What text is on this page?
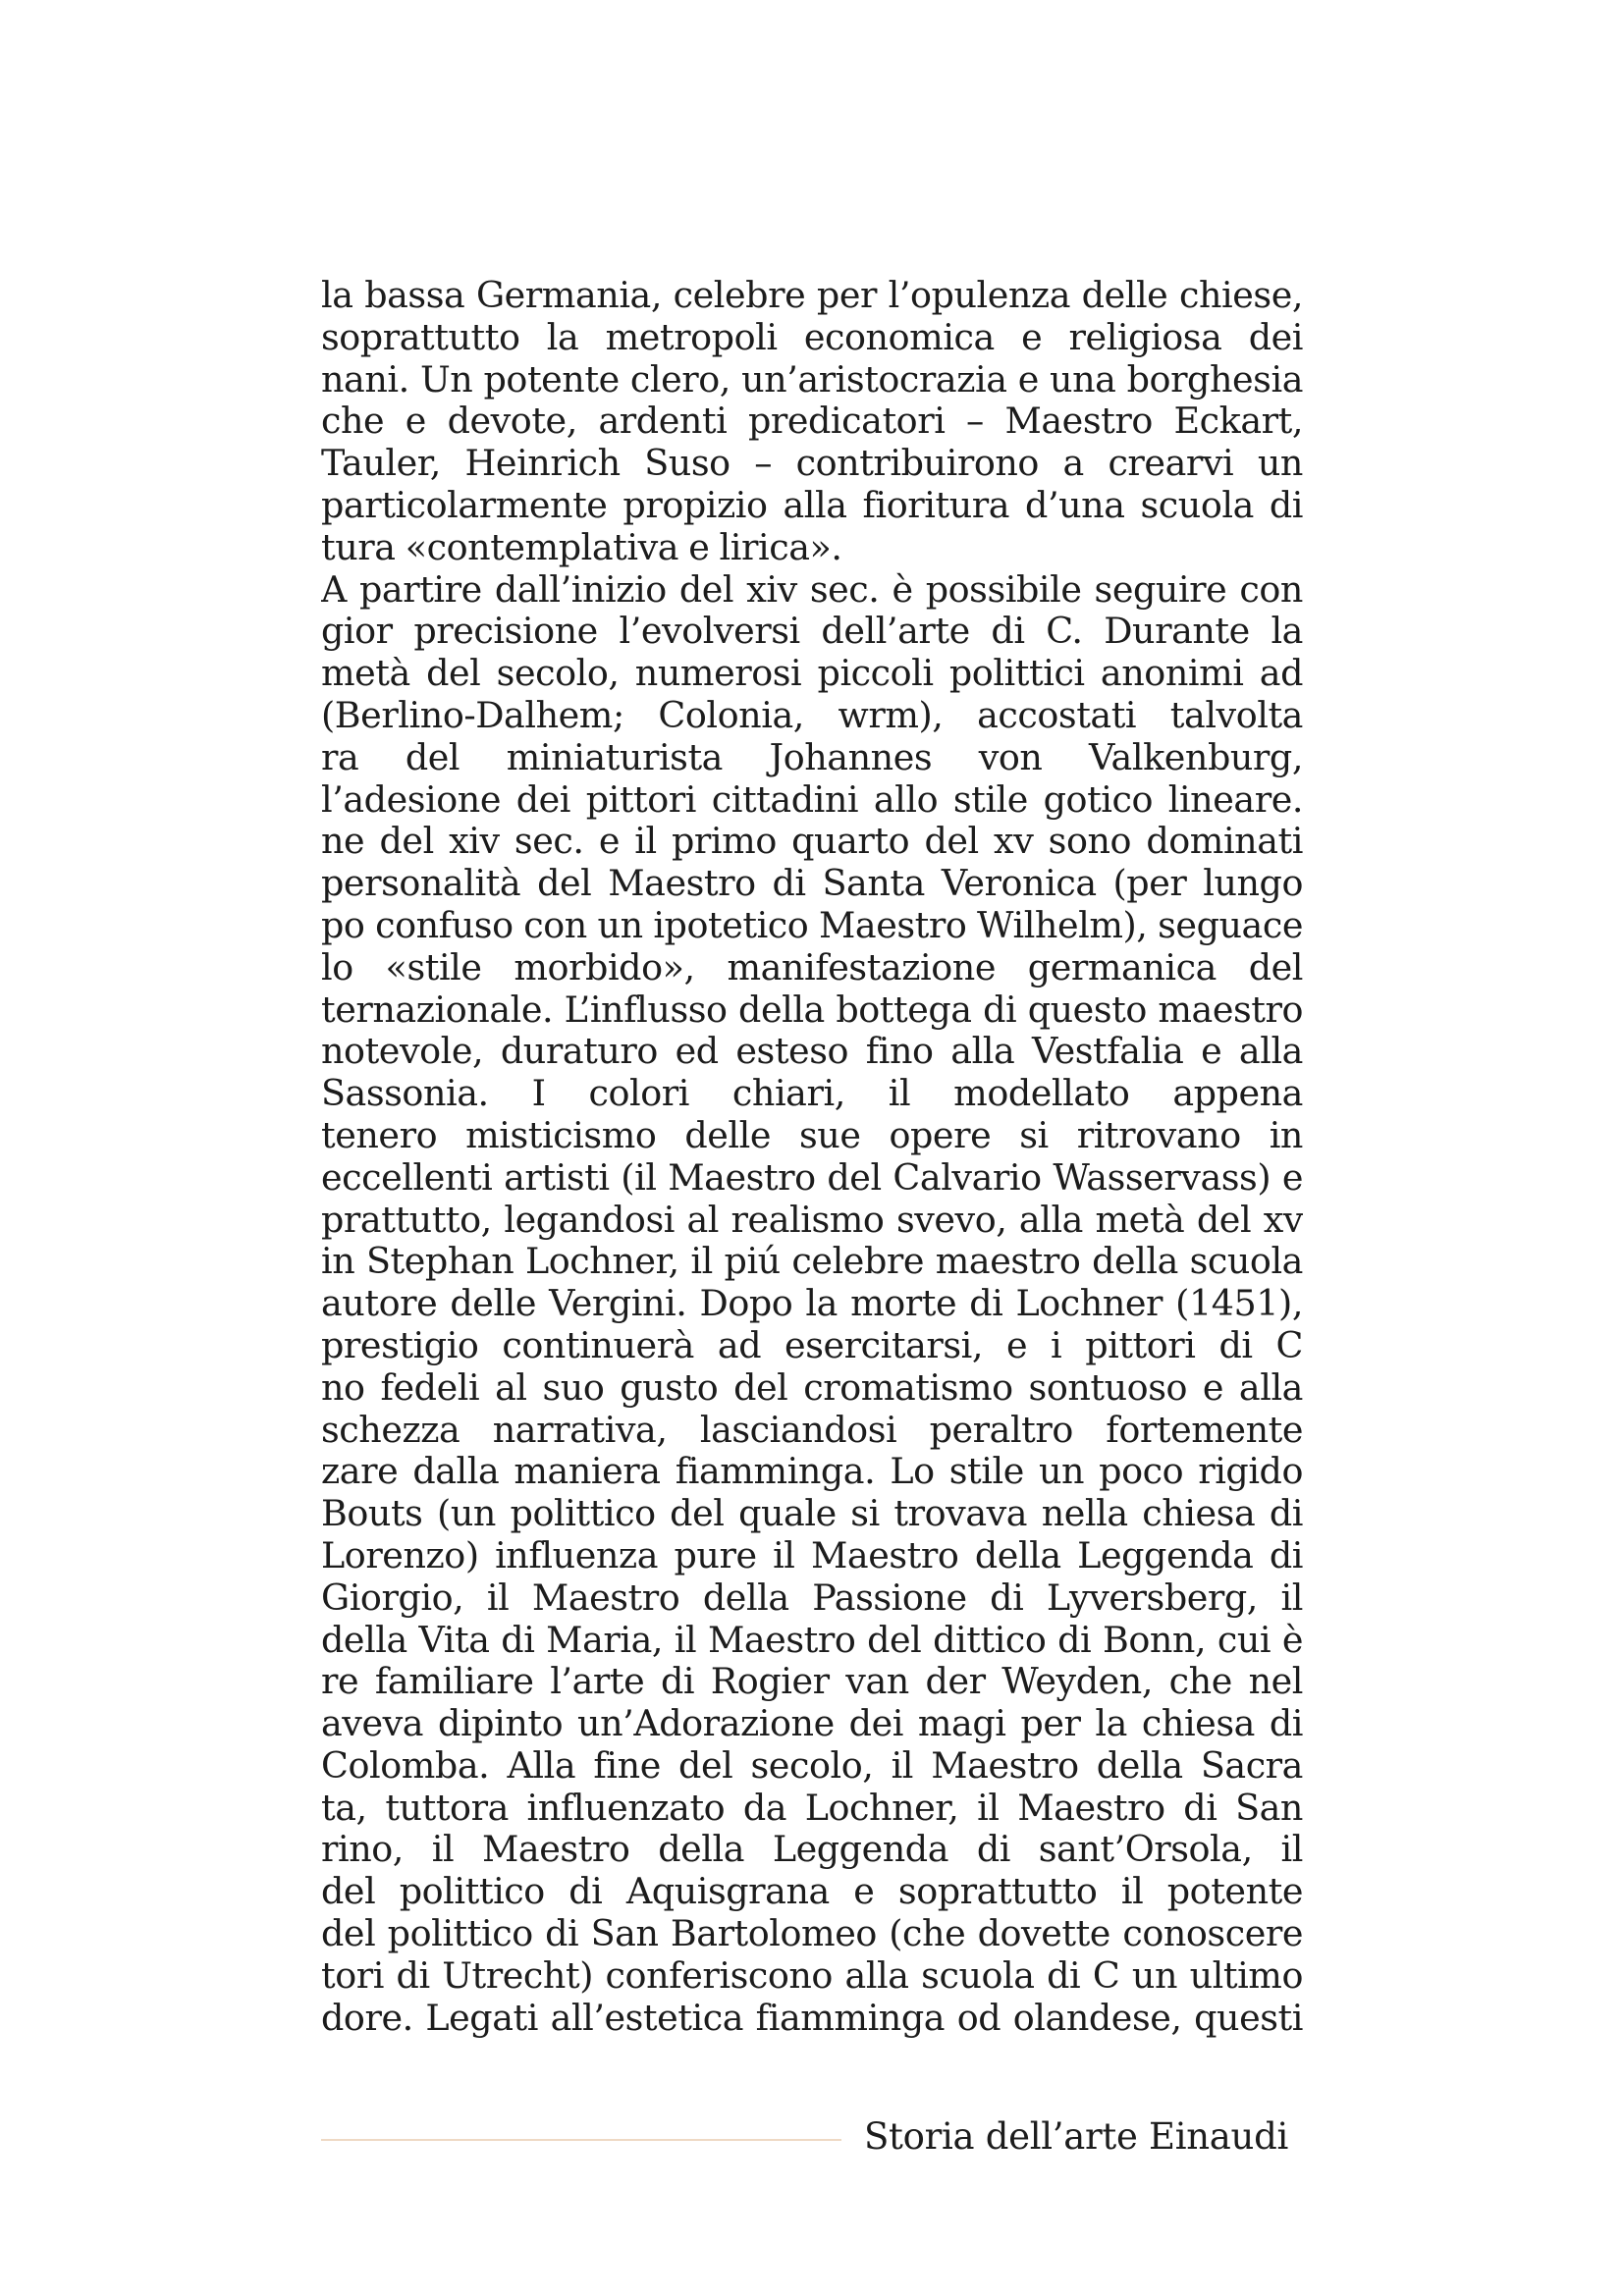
la bassa Germania, celebre per l’opulenza delle chiese,
soprattutto la metropoli economica e religiosa dei
nani. Un potente clero, un’aristocrazia e una borghesia
che e devote, ardenti predicatori – Maestro Eckart,
Tauler, Heinrich Suso – contribuirono a crearvi un
particolarmente propizio alla fioritura d’una scuola di
tura «contemplativa e lirica».
A partire dall’inizio del xiv sec. è possibile seguire con
gior precisione l’evolversi dell’arte di C. Durante la
metà del secolo, numerosi piccoli polittici anonimi ad
(Berlino-Dalhem; Colonia, wrm), accostati talvolta
ra del miniaturista Johannes von Valkenburg,
l’adesione dei pittori cittadini allo stile gotico lineare.
ne del xiv sec. e il primo quarto del xv sono dominati
personalità del Maestro di Santa Veronica (per lungo
po confuso con un ipotetico Maestro Wilhelm), seguace
lo «stile morbido», manifestazione germanica del
ternazionale. L’influsso della bottega di questo maestro
notevole, duraturo ed esteso fino alla Vestfalia e alla
Sassonia. I colori chiari, il modellato appena
tenero misticismo delle sue opere si ritrovano in
eccellenti artisti (il Maestro del Calvario Wasservass) e
prattutto, legandosi al realismo svevo, alla metà del xv
in Stephan Lochner, il piú celebre maestro della scuola
autore delle Vergini. Dopo la morte di Lochner (1451),
prestigio continuerà ad esercitarsi, e i pittori di C
no fedeli al suo gusto del cromatismo sontuoso e alla
schezza narrativa, lasciandosi peraltro fortemente
zare dalla maniera fiamminga. Lo stile un poco rigido
Bouts (un polittico del quale si trovava nella chiesa di
Lorenzo) influenza pure il Maestro della Leggenda di
Giorgio, il Maestro della Passione di Lyversberg, il
della Vita di Maria, il Maestro del dittico di Bonn, cui è
re familiare l’arte di Rogier van der Weyden, che nel
aveva dipinto un’Adorazione dei magi per la chiesa di
Colomba. Alla fine del secolo, il Maestro della Sacra
ta, tuttora influenzato da Lochner, il Maestro di San
rino, il Maestro della Leggenda di sant’Orsola, il
del polittico di Aquisgrana e soprattutto il potente
del polittico di San Bartolomeo (che dovette conoscere
tori di Utrecht) conferiscono alla scuola di C un ultimo
dore. Legati all’estetica fiamminga od olandese, questi
Storia dell’arte Einaudi
